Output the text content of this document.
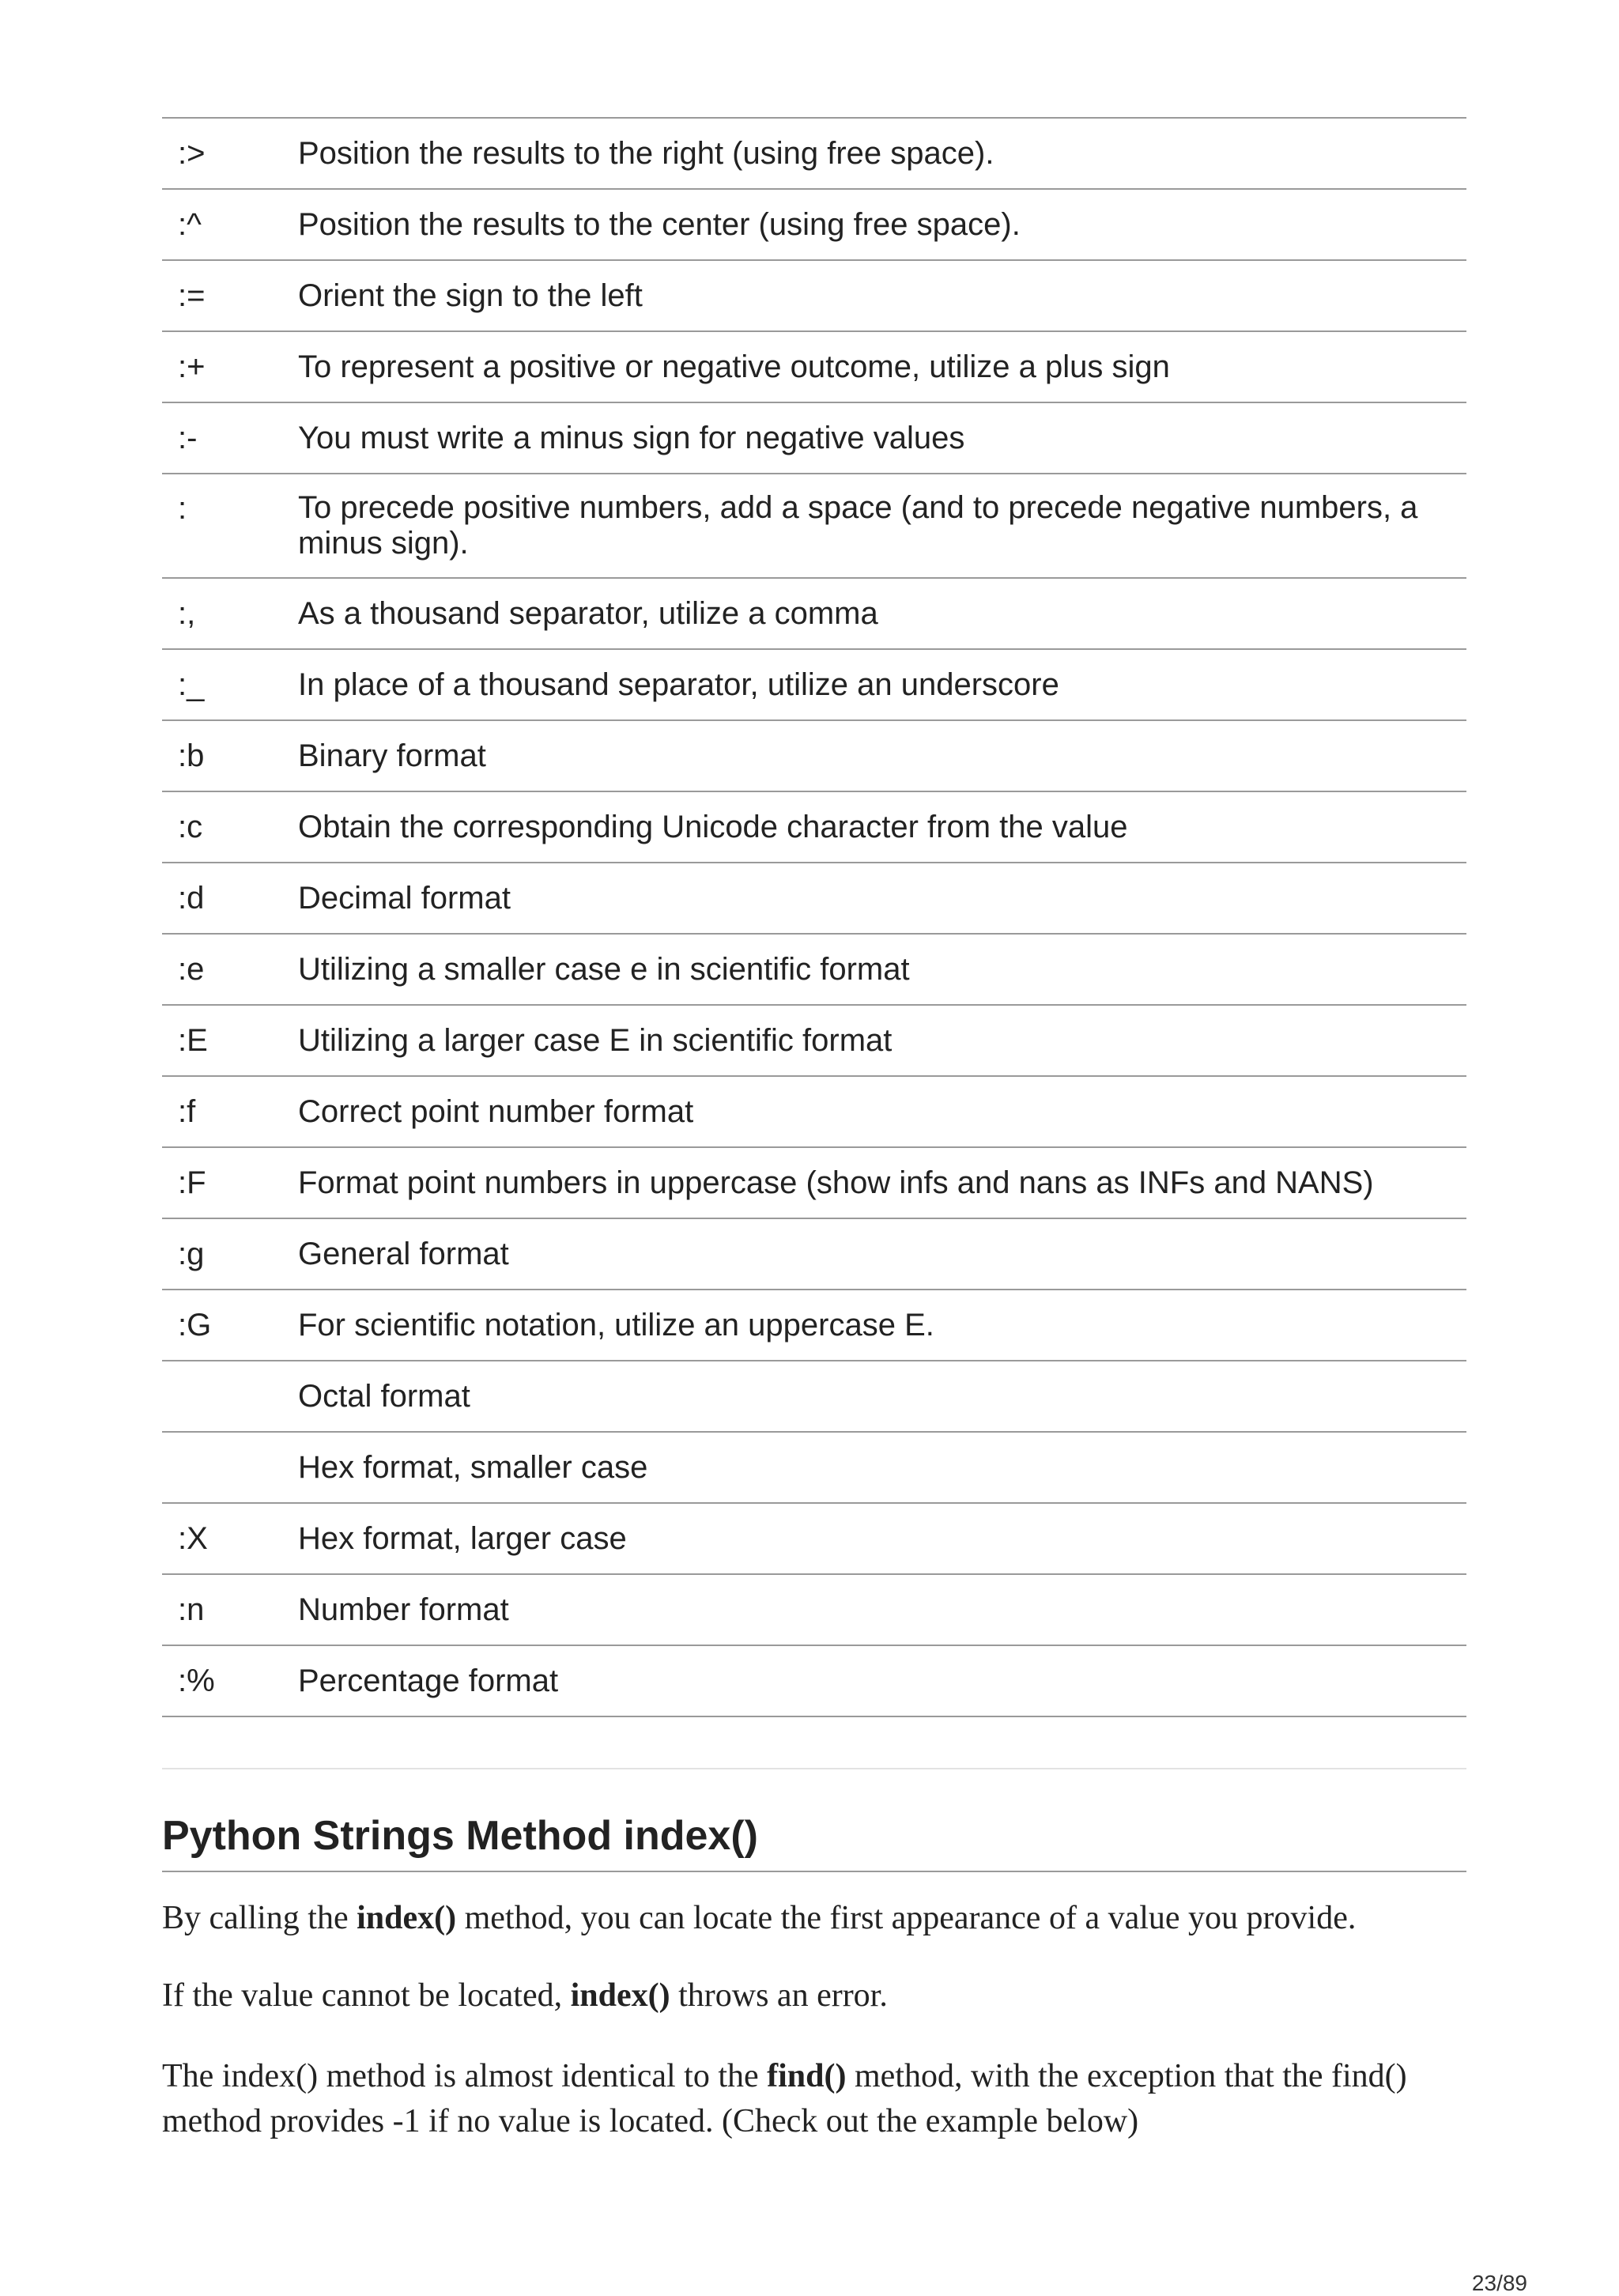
:>	Position the results to the right (using free space).
:^	Position the results to the center (using free space).
:=	Orient the sign to the left
:+	To represent a positive or negative outcome, utilize a plus sign
:-	You must write a minus sign for negative values
:	To precede positive numbers, add a space (and to precede negative numbers, a minus sign).
:,	As a thousand separator, utilize a comma
:_	In place of a thousand separator, utilize an underscore
:b	Binary format
:c	Obtain the corresponding Unicode character from the value
:d	Decimal format
:e	Utilizing a smaller case e in scientific format
:E	Utilizing a larger case E in scientific format
:f	Correct point number format
:F	Format point numbers in uppercase (show infs and nans as INFs and NANS)
:g	General format
:G	For scientific notation, utilize an uppercase E.
	Octal format
	Hex format, smaller case
:X	Hex format, larger case
:n	Number format
:%	Percentage format
Python Strings Method index()

By calling the index() method, you can locate the first appearance of a value you provide.

If the value cannot be located, index() throws an error.

The index() method is almost identical to the find() method, with the exception that the find() method provides -1 if no value is located. (Check out the example below)

23/89
